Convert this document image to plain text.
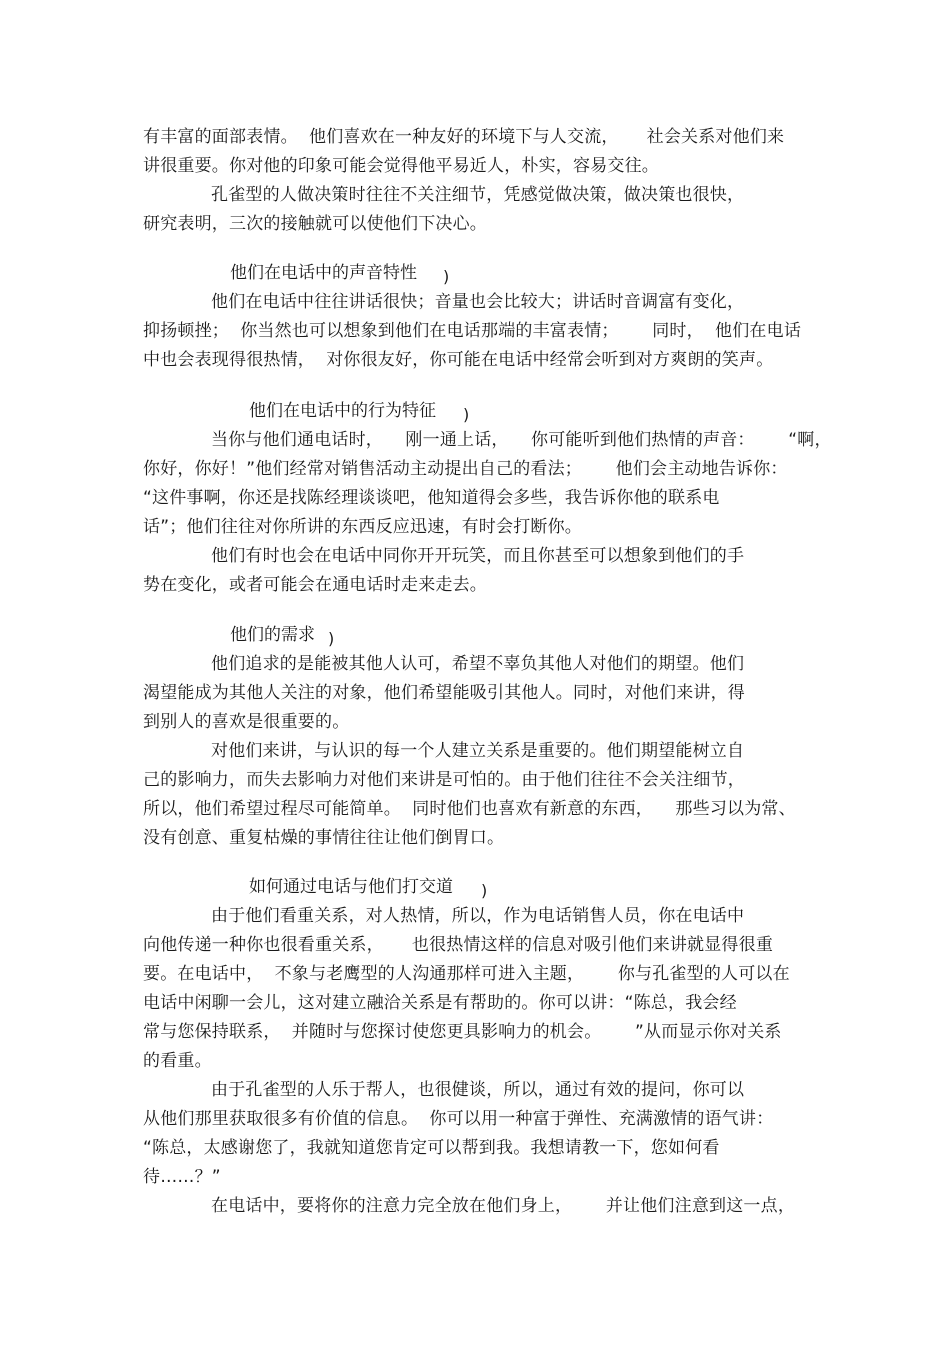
有丰富的面部表情。  他们喜欢在一种友好的环境下与人交流，     社会关系对他们来
讲很重要。你对他的印象可能会觉得他平易近人，朴实，容易交往。
孔雀型的人做决策时往往不关注细节，凭感觉做决策，做决策也很快，
研究表明，三次的接触就可以使他们下决心。
他们在电话中的声音特性 )
他们在电话中往往讲话很快；音量也会比较大；讲话时音调富有变化，
抑扬顿挫；  你当然也可以想象到他们在电话那端的丰富表情；      同时，  他们在电话
中也会表现得很热情，  对你很友好，你可能在电话中经常会听到对方爽朗的笑声。
他们在电话中的行为特征 )
当你与他们通电话时，    刚一通上话，    你可能听到他们热情的声音：      “啊，
你好，你好！”他们经常对销售活动主动提出自己的看法；      他们会主动地告诉你：
“这件事啊，你还是找陈经理谈谈吧，他知道得会多些，我告诉你他的联系电
话”；他们往往对你所讲的东西反应迅速，有时会打断你。
他们有时也会在电话中同你开开玩笑，而且你甚至可以想象到他们的手
势在变化，或者可能会在通电话时走来走去。
他们的需求 )
他们追求的是能被其他人认可，希望不辜负其他人对他们的期望。他们
渴望能成为其他人关注的对象，他们希望能吸引其他人。同时，对他们来讲，得
到别人的喜欢是很重要的。
对他们来讲，与认识的每一个人建立关系是重要的。他们期望能树立自
己的影响力，而失去影响力对他们来讲是可怕的。由于他们往往不会关注细节，
所以，他们希望过程尽可能简单。  同时他们也喜欢有新意的东西，    那些习以为常、
没有创意、重复枯燥的事情往往让他们倒胃口。
如何通过电话与他们打交道 )
由于他们看重关系，对人热情，所以，作为电话销售人员，你在电话中
向他传递一种你也很看重关系，     也很热情这样的信息对吸引他们来讲就显得很重
要。在电话中，  不象与老鹰型的人沟通那样可进入主题，      你与孔雀型的人可以在
电话中闲聊一会儿，这对建立融洽关系是有帮助的。你可以讲：“陈总，我会经
常与您保持联系，  并随时与您探讨使您更具影响力的机会。      ”从而显示你对关系
的看重。
由于孔雀型的人乐于帮人，也很健谈，所以，通过有效的提问，你可以
从他们那里获取很多有价值的信息。  你可以用一种富于弹性、充满激情的语气讲：
“陈总，太感谢您了，我就知道您肯定可以帮到我。我想请教一下，您如何看
待……？”
在电话中，要将你的注意力完全放在他们身上，      并让他们注意到这一点，
